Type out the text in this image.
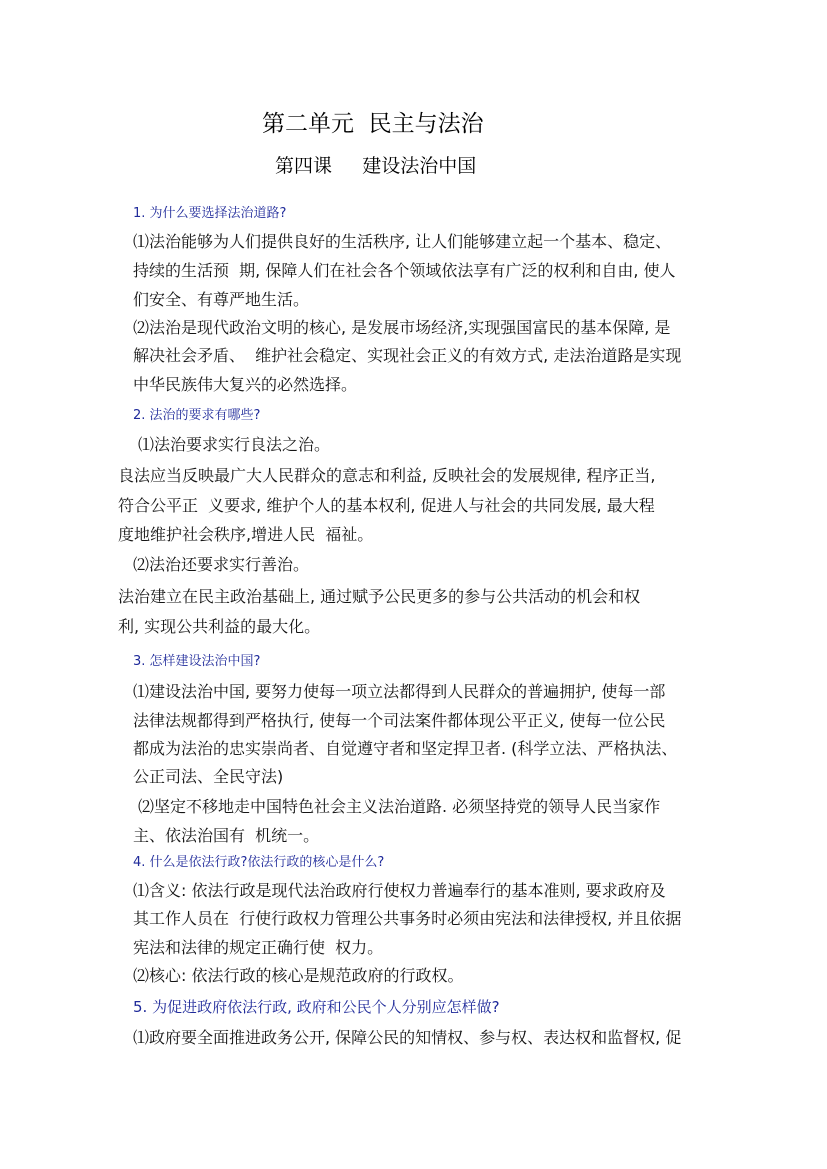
第二单元  民主与法治
第四课     建设法治中国
1. 为什么要选择法治道路?
⑴法治能够为人们提供良好的生活秩序, 让人们能够建立起一个基本、稳定、
持续的生活预  期, 保障人们在社会各个领域依法享有广泛的权利和自由, 使人
们安全、有尊严地生活。
⑵法治是现代政治文明的核心, 是发展市场经济,实现强国富民的基本保障, 是
解决社会矛盾、  维护社会稳定、实现社会正义的有效方式, 走法治道路是实现
中华民族伟大复兴的必然选择。
2. 法治的要求有哪些?
⑴法治要求实行良法之治。
良法应当反映最广大人民群众的意志和利益, 反映社会的发展规律, 程序正当,
符合公平正  义要求, 维护个人的基本权利, 促进人与社会的共同发展, 最大程
度地维护社会秩序,增进人民  福祉。
⑵法治还要求实行善治。
法治建立在民主政治基础上, 通过赋予公民更多的参与公共活动的机会和权
利, 实现公共利益的最大化。
3. 怎样建设法治中国?
⑴建设法治中国, 要努力使每一项立法都得到人民群众的普遍拥护, 使每一部
法律法规都得到严格执行, 使每一个司法案件都体现公平正义, 使每一位公民
都成为法治的忠实崇尚者、自觉遵守者和坚定捍卫者. (科学立法、严格执法、
公正司法、全民守法)
⑵坚定不移地走中国特色社会主义法治道路. 必须坚持党的领导人民当家作
主、依法治国有  机统一。
4. 什么是依法行政?依法行政的核心是什么?
⑴含义: 依法行政是现代法治政府行使权力普遍奉行的基本准则, 要求政府及
其工作人员在  行使行政权力管理公共事务时必须由宪法和法律授权, 并且依据
宪法和法律的规定正确行使  权力。
⑵核心: 依法行政的核心是规范政府的行政权。
5. 为促进政府依法行政, 政府和公民个人分别应怎样做?
⑴政府要全面推进政务公开, 保障公民的知情权、参与权、表达权和监督权, 促
